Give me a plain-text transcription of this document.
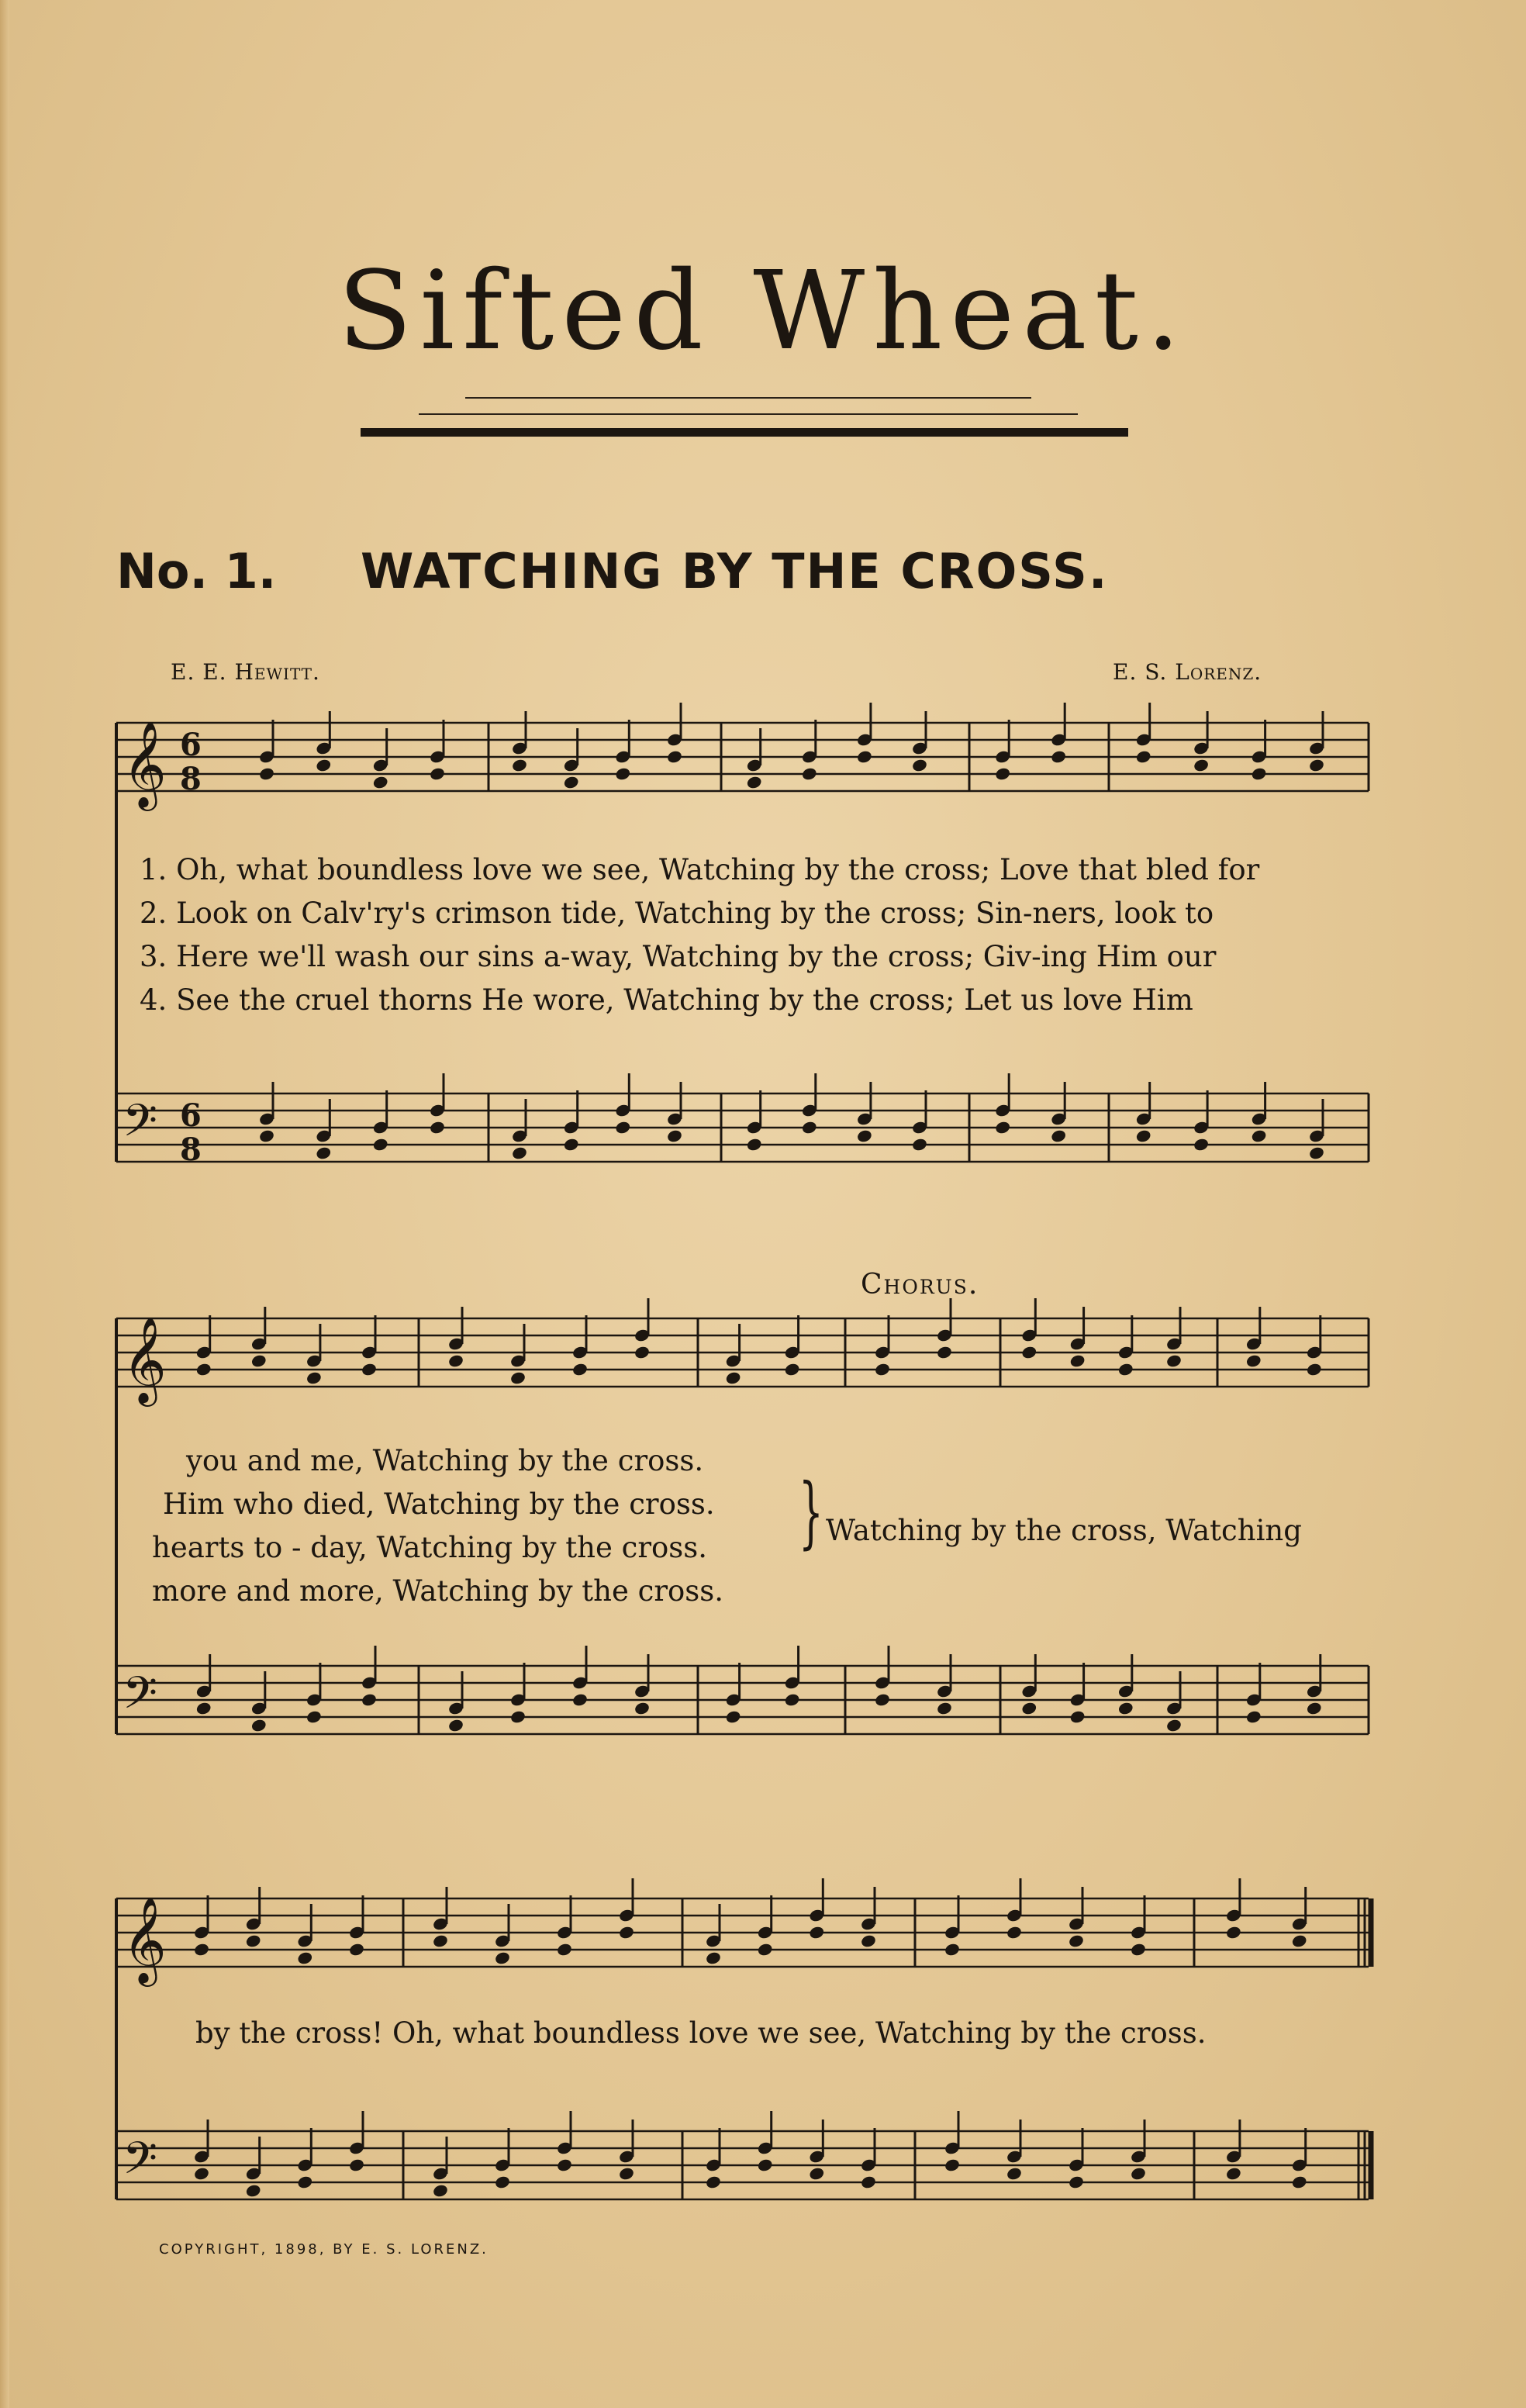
Sifted Wheat.
No. 1. WATCHING BY THE CROSS.
E. E. Hewitt.	E. S. Lorenz.
𝄞
𝄢
𝄞
𝄢
𝄞
𝄢
6
8
6
8
1. Oh, what boundless love we see, Watching by the cross; Love that bled for
2. Look on Calv'ry's crimson tide, Watching by the cross; Sin-ners, look to
3. Here we'll wash our sins a-way, Watching by the cross; Giv-ing Him our
4. See the cruel thorns He wore, Watching by the cross; Let us love Him
Chorus.
you and me, Watching by the cross.
Him who died, Watching by the cross.
hearts to - day, Watching by the cross.
more and more, Watching by the cross.
} Watching by the cross, Watching
by the cross! Oh, what boundless love we see, Watching by the cross.
COPYRIGHT, 1898, BY E. S. LORENZ.
